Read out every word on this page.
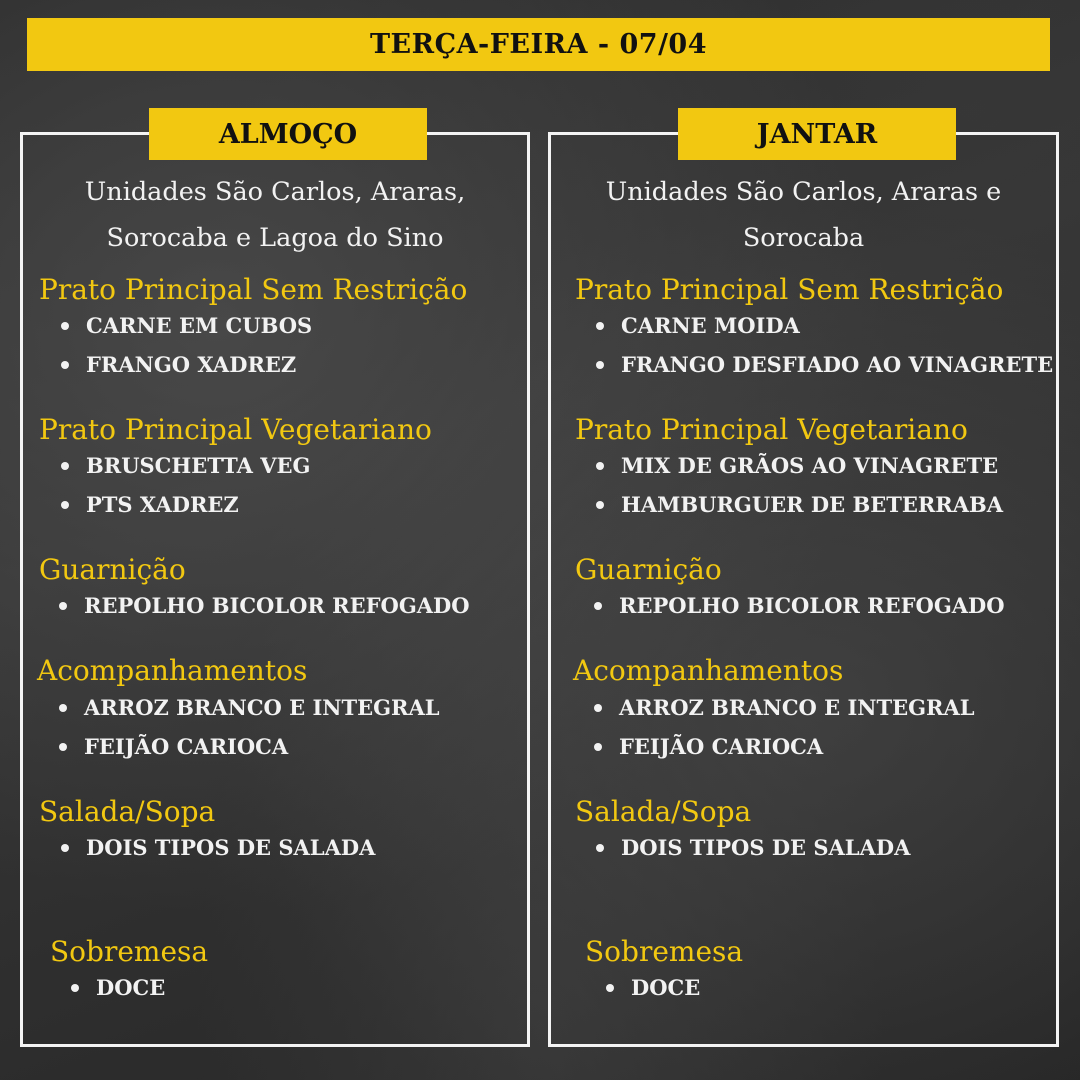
TERÇA-FEIRA - 07/04
ALMOÇO
Unidades São Carlos, Araras,
Sorocaba e Lagoa do Sino
Prato Principal Sem Restrição
CARNE EM CUBOS
FRANGO XADREZ
Prato Principal Vegetariano
BRUSCHETTA VEG
PTS XADREZ
Guarnição
REPOLHO BICOLOR REFOGADO
Acompanhamentos
ARROZ BRANCO E INTEGRAL
FEIJÃO CARIOCA
Salada/Sopa
DOIS TIPOS DE SALADA
Sobremesa
DOCE
JANTAR
Unidades São Carlos, Araras e
Sorocaba
Prato Principal Sem Restrição
CARNE MOIDA
FRANGO DESFIADO AO VINAGRETE
Prato Principal Vegetariano
MIX DE GRÃOS AO VINAGRETE
HAMBURGUER DE BETERRABA
Guarnição
REPOLHO BICOLOR REFOGADO
Acompanhamentos
ARROZ BRANCO E INTEGRAL
FEIJÃO CARIOCA
Salada/Sopa
DOIS TIPOS DE SALADA
Sobremesa
DOCE
